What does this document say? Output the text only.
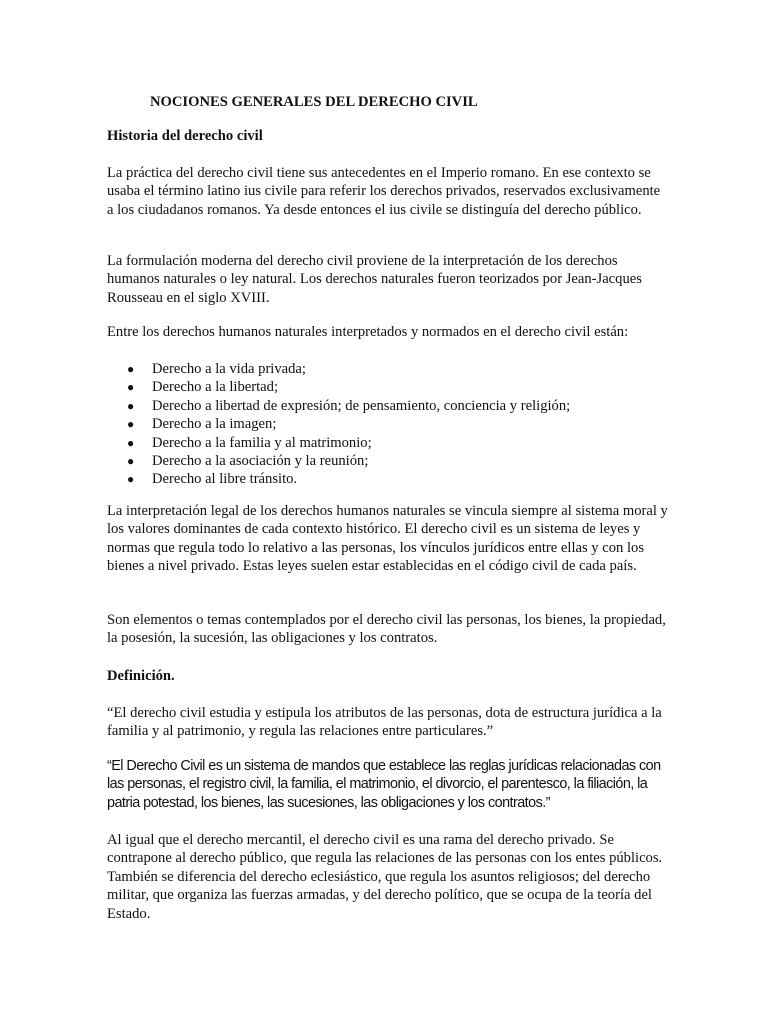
NOCIONES GENERALES DEL DERECHO CIVIL
Historia del derecho civil

La práctica del derecho civil tiene sus antecedentes en el Imperio romano. En ese contexto se usaba el término latino ius civile para referir los derechos privados, reservados exclusivamente a los ciudadanos romanos. Ya desde entonces el ius civile se distinguía del derecho público.

La formulación moderna del derecho civil proviene de la interpretación de los derechos humanos naturales o ley natural. Los derechos naturales fueron teorizados por Jean-Jacques Rousseau en el siglo XVIII.

Entre los derechos humanos naturales interpretados y normados en el derecho civil están:

● Derecho a la vida privada;
● Derecho a la libertad;
● Derecho a libertad de expresión; de pensamiento, conciencia y religión;
● Derecho a la imagen;
● Derecho a la familia y al matrimonio;
● Derecho a la asociación y la reunión;
● Derecho al libre tránsito.

La interpretación legal de los derechos humanos naturales se vincula siempre al sistema moral y los valores dominantes de cada contexto histórico. El derecho civil es un sistema de leyes y normas que regula todo lo relativo a las personas, los vínculos jurídicos entre ellas y con los bienes a nivel privado. Estas leyes suelen estar establecidas en el código civil de cada país.

Son elementos o temas contemplados por el derecho civil las personas, los bienes, la propiedad, la posesión, la sucesión, las obligaciones y los contratos.

Definición.

“El derecho civil estudia y estipula los atributos de las personas, dota de estructura jurídica a la familia y al patrimonio, y regula las relaciones entre particulares.”

“El Derecho Civil es un sistema de mandos que establece las reglas jurídicas relacionadas con las personas, el registro civil, la familia, el matrimonio, el divorcio, el parentesco, la filiación, la patria potestad, los bienes, las sucesiones, las obligaciones y los contratos.”

Al igual que el derecho mercantil, el derecho civil es una rama del derecho privado. Se contrapone al derecho público, que regula las relaciones de las personas con los entes públicos. También se diferencia del derecho eclesiástico, que regula los asuntos religiosos; del derecho militar, que organiza las fuerzas armadas, y del derecho político, que se ocupa de la teoría del Estado.
